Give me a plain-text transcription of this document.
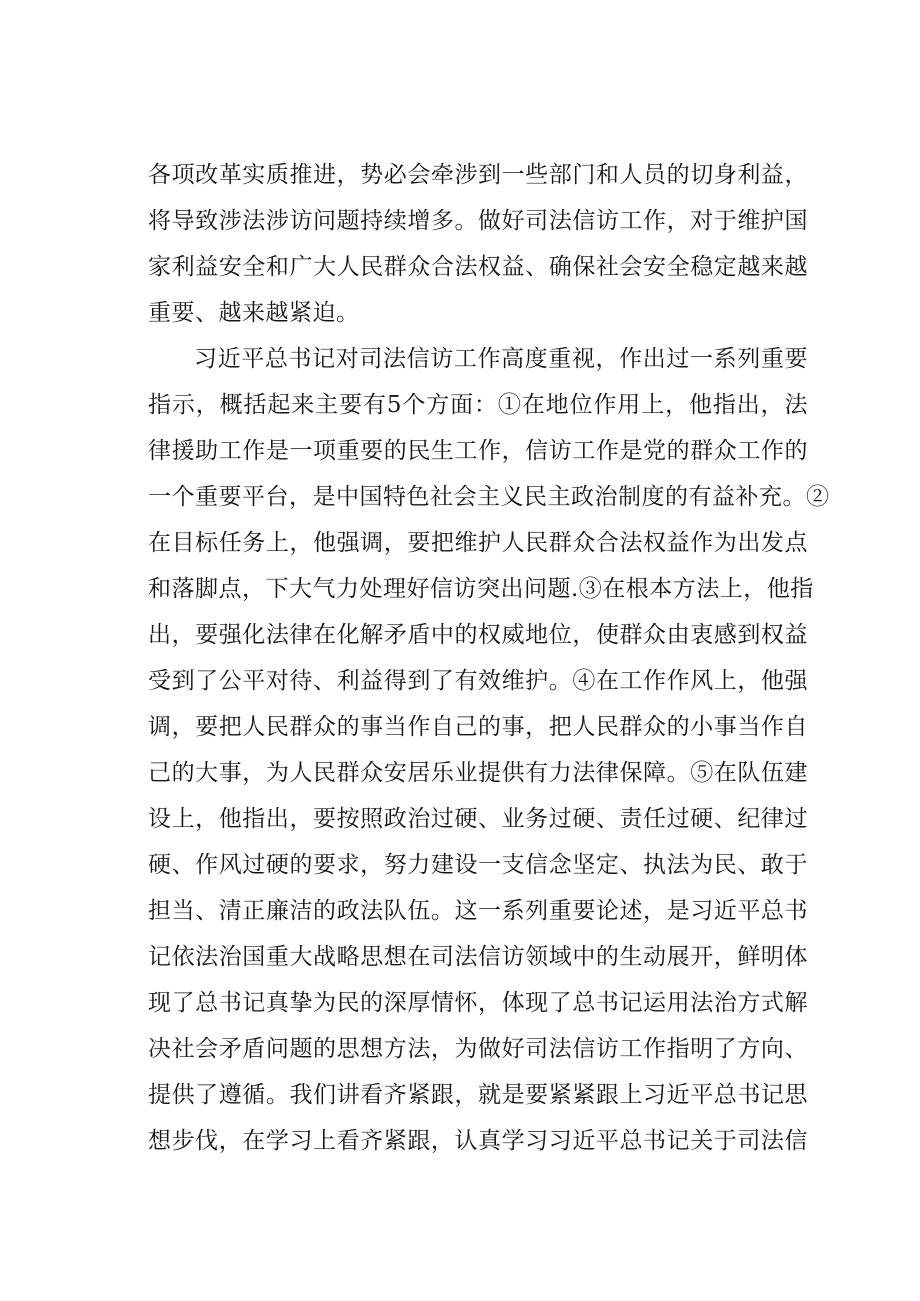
各项改革实质推进，势必会牵涉到一些部门和人员的切身利益，
将导致涉法涉访问题持续增多。做好司法信访工作，对于维护国
家利益安全和广大人民群众合法权益、确保社会安全稳定越来越
重要、越来越紧迫。
习近平总书记对司法信访工作高度重视，作出过一系列重要
指示，概括起来主要有5个方面：①在地位作用上，他指出，法
律援助工作是一项重要的民生工作，信访工作是党的群众工作的
一个重要平台，是中国特色社会主义民主政治制度的有益补充。②
在目标任务上，他强调，要把维护人民群众合法权益作为出发点
和落脚点，下大气力处理好信访突出问题.③在根本方法上，他指
出，要强化法律在化解矛盾中的权威地位，使群众由衷感到权益
受到了公平对待、利益得到了有效维护。④在工作作风上，他强
调，要把人民群众的事当作自己的事，把人民群众的小事当作自
己的大事，为人民群众安居乐业提供有力法律保障。⑤在队伍建
设上，他指出，要按照政治过硬、业务过硬、责任过硬、纪律过
硬、作风过硬的要求，努力建设一支信念坚定、执法为民、敢于
担当、清正廉洁的政法队伍。这一系列重要论述，是习近平总书
记依法治国重大战略思想在司法信访领域中的生动展开，鲜明体
现了总书记真挚为民的深厚情怀，体现了总书记运用法治方式解
决社会矛盾问题的思想方法，为做好司法信访工作指明了方向、
提供了遵循。我们讲看齐紧跟，就是要紧紧跟上习近平总书记思
想步伐，在学习上看齐紧跟，认真学习习近平总书记关于司法信
